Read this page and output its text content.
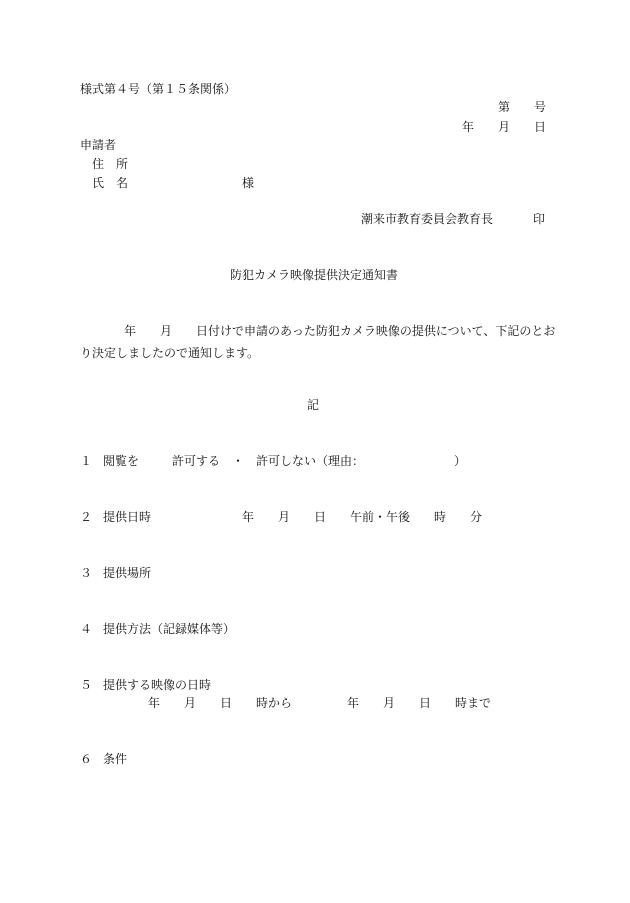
様式第４号（第１５条関係）
第　　号
年　　月　　日
申請者
住　所
氏　名	様
潮来市教育委員会教育長	印
防犯カメラ映像提供決定通知書
年　　月　　日付けで申請のあった防犯カメラ映像の提供について、下記のとお
り決定しましたので通知します。
記
１ 閲覧を	許可する　・　許可しない（理由：　　　　　　　　）
２ 提供日時	年　　月　　日　　午前・午後　　時　　分
３ 提供場所
４ 提供方法（記録媒体等）
５ 提供する映像の日時
年　　月　　日　　時から	年　　月　　日　　時まで
６ 条件
